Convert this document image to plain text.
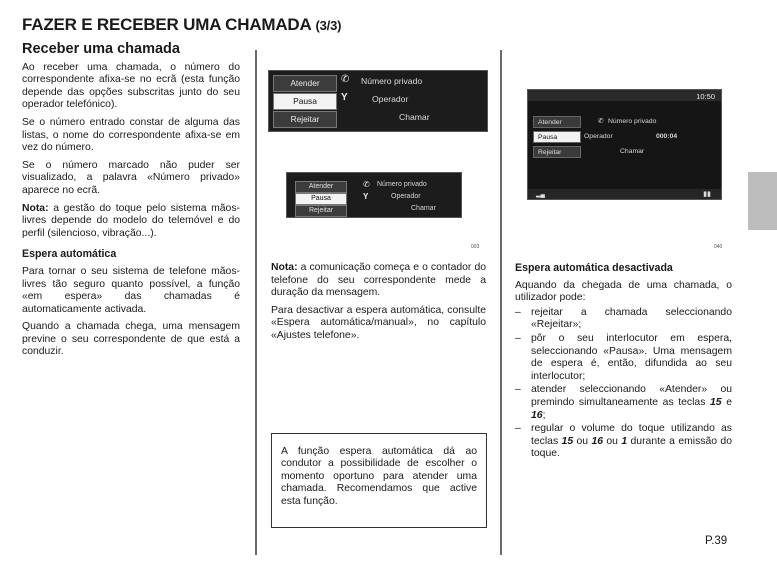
FAZER E RECEBER UMA CHAMADA (3/3)
Receber uma chamada

Ao receber uma chamada, o número do correspondente afixa-se no ecrã (esta função depende das opções subscritas junto do seu operador telefónico).

Se o número entrado constar de alguma das listas, o nome do correspondente afixa-se em vez do número.

Se o número marcado não puder ser visualizado, a palavra «Número privado» aparece no ecrã.

Nota: a gestão do toque pelo sistema mãos-livres depende do modelo do telemóvel e do perfil (silencioso, vibração...).

Espera automática

Para tornar o seu sistema de telefone mãos-livres tão seguro quanto possível, a função «em espera» das chamadas é automaticamente activada.

Quando a chamada chega, uma mensagem previne o seu correspondente de que está a conduzir.

Atender
Pausa
Rejeitar
✆
Y
Número privado
Operador
Chamar
Atender
Pausa
Rejeitar
✆
Y
Número privado
Operador
Chamar
003

Nota: a comunicação começa e o contador do telefone do seu correspondente mede a duração da mensagem.

Para desactivar a espera automática, consulte «Espera automática/manual», no capítulo «Ajustes telefone».

A função espera automática dá ao condutor a possibilidade de escolher o momento oportuno para atender uma chamada. Recomendamos que active esta função.
10:50
Atender
Pausa
Rejeitar
✆ Número privado
Operador	000:04
Chamar
▂▄	▮▮
040
Espera automática desactivada

Aquando da chegada de uma chamada, o utilizador pode:

– rejeitar a chamada seleccionando «Rejeitar»;
– pôr o seu interlocutor em espera, seleccionando «Pausa». Uma mensagem de espera é, então, difundida ao seu interlocutor;
– atender seleccionando «Atender» ou premindo simultaneamente as teclas 15 e 16;
– regular o volume do toque utilizando as teclas 15 ou 16 ou 1 durante a emissão do toque.
P.39
